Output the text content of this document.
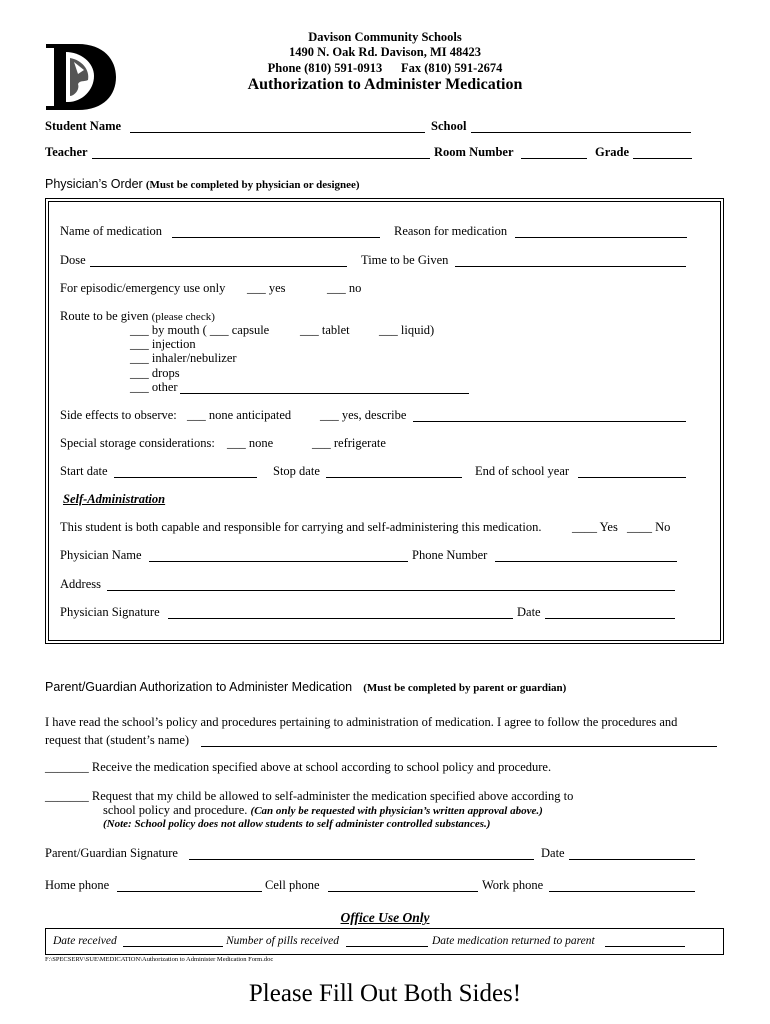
Davison Community Schools
1490 N. Oak Rd. Davison, MI 48423
Phone (810) 591-0913 Fax (810) 591-2674
Authorization to Administer Medication
Student Name	School
Teacher	Room Number	Grade
Physician’s Order (Must be completed by physician or designee)
Name of medication	Reason for medication
Dose	Time to be Given
For episodic/emergency use only ___ yes	___ no
Route to be given (please check)
___ by mouth ( ___ capsule ___ tablet ___ liquid)
___ injection
___ inhaler/nebulizer
___ drops
___ other
Side effects to observe: ___ none anticipated ___ yes, describe
Special storage considerations: ___ none	___ refrigerate
Start date	Stop date	End of school year
Self-Administration
This student is both capable and responsible for carrying and self-administering this medication. ____ Yes ____ No
Physician Name	Phone Number
Address
Physician Signature	Date
Parent/Guardian Authorization to Administer Medication (Must be completed by parent or guardian)
I have read the school’s policy and procedures pertaining to administration of medication. I agree to follow the procedures and
request that (student’s name)
_______ Receive the medication specified above at school according to school policy and procedure.
_______ Request that my child be allowed to self-administer the medication specified above according to
school policy and procedure. (Can only be requested with physician’s written approval above.)
(Note: School policy does not allow students to self administer controlled substances.)
Parent/Guardian Signature	Date
Home phone	Cell phone	Work phone
Office Use Only
Date received	Number of pills received	Date medication returned to parent
F:\SPECSERV\SUE\MEDICATION\Authorization to Administer Medication Form.doc
Please Fill Out Both Sides!
